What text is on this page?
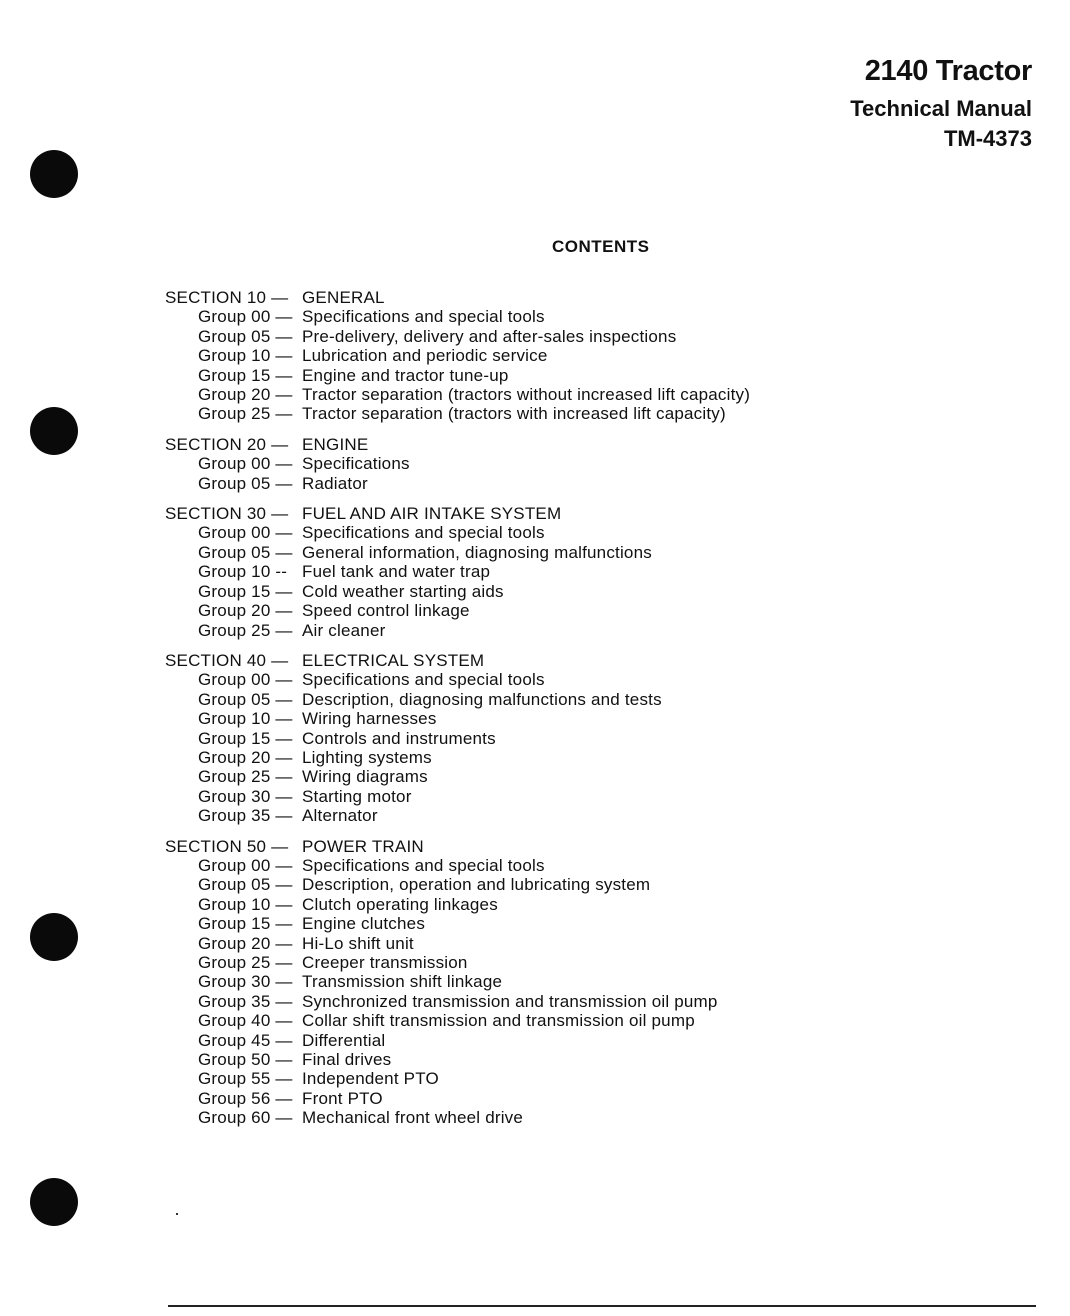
2140 Tractor
Technical Manual
TM-4373
CONTENTS
SECTION 10 — GENERAL
Group 00 — Specifications and special tools
Group 05 — Pre-delivery, delivery and after-sales inspections
Group 10 — Lubrication and periodic service
Group 15 — Engine and tractor tune-up
Group 20 — Tractor separation (tractors without increased lift capacity)
Group 25 — Tractor separation (tractors with increased lift capacity)
SECTION 20 — ENGINE
Group 00 — Specifications
Group 05 — Radiator
SECTION 30 — FUEL AND AIR INTAKE SYSTEM
Group 00 — Specifications and special tools
Group 05 — General information, diagnosing malfunctions
Group 10 -- Fuel tank and water trap
Group 15 — Cold weather starting aids
Group 20 — Speed control linkage
Group 25 — Air cleaner
SECTION 40 — ELECTRICAL SYSTEM
Group 00 — Specifications and special tools
Group 05 — Description, diagnosing malfunctions and tests
Group 10 — Wiring harnesses
Group 15 — Controls and instruments
Group 20 — Lighting systems
Group 25 — Wiring diagrams
Group 30 — Starting motor
Group 35 — Alternator
SECTION 50 — POWER TRAIN
Group 00 — Specifications and special tools
Group 05 — Description, operation and lubricating system
Group 10 — Clutch operating linkages
Group 15 — Engine clutches
Group 20 — Hi-Lo shift unit
Group 25 — Creeper transmission
Group 30 — Transmission shift linkage
Group 35 — Synchronized transmission and transmission oil pump
Group 40 — Collar shift transmission and transmission oil pump
Group 45 — Differential
Group 50 — Final drives
Group 55 — Independent PTO
Group 56 — Front PTO
Group 60 — Mechanical front wheel drive
